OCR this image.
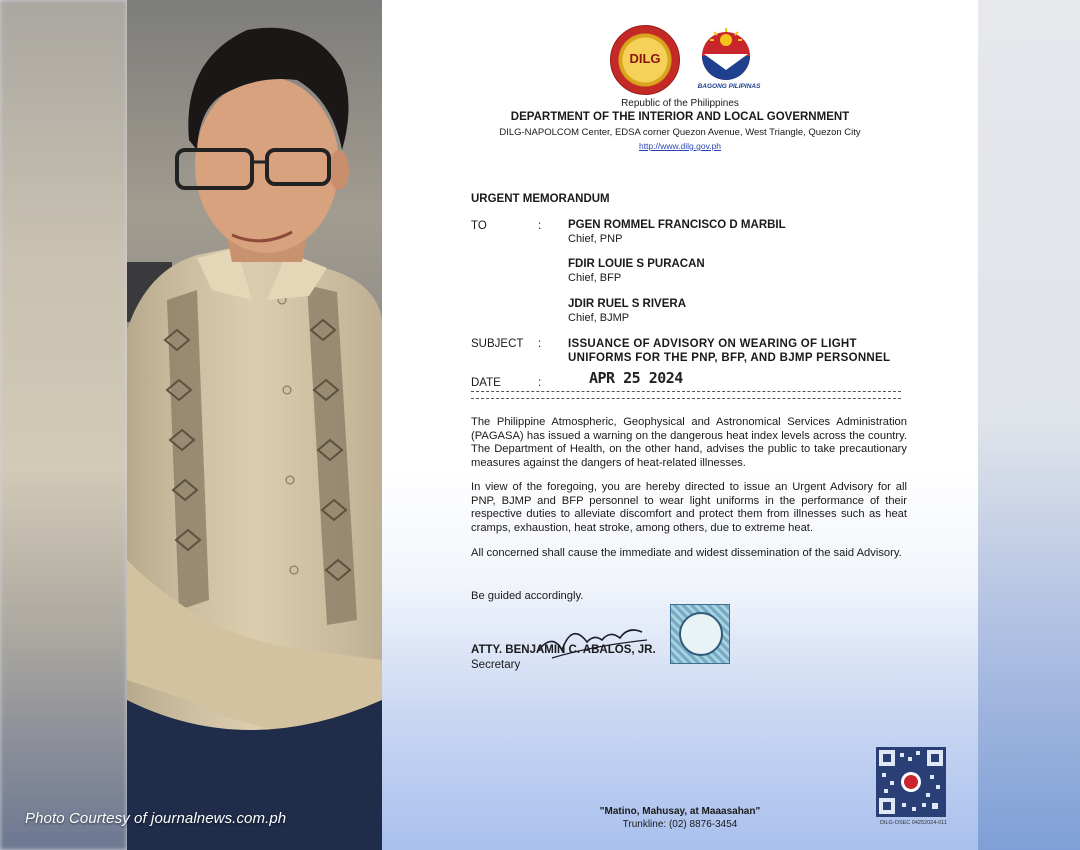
Photo Courtesy of journalnews.com.ph
DILG
BAGONG PILIPINAS
Republic of the Philippines
DEPARTMENT OF THE INTERIOR AND LOCAL GOVERNMENT
DILG-NAPOLCOM Center, EDSA corner Quezon Avenue, West Triangle, Quezon City
http://www.dilg.gov.ph
URGENT MEMORANDUM
TO	: PGEN ROMMEL FRANCISCO D MARBIL
Chief, PNP
FDIR LOUIE S PURACAN
Chief, BFP
JDIR RUEL S RIVERA
Chief, BJMP
SUBJECT : ISSUANCE OF ADVISORY ON WEARING OF LIGHT UNIFORMS FOR THE PNP, BFP, AND BJMP PERSONNEL
DATE	:	APR 25 2024
The Philippine Atmospheric, Geophysical and Astronomical Services Administration (PAGASA) has issued a warning on the dangerous heat index levels across the country. The Department of Health, on the other hand, advises the public to take precautionary measures against the dangers of heat-related illnesses.
In view of the foregoing, you are hereby directed to issue an Urgent Advisory for all PNP, BJMP and BFP personnel to wear light uniforms in the performance of their respective duties to alleviate discomfort and protect them from illnesses such as heat cramps, exhaustion, heat stroke, among others, due to extreme heat.
All concerned shall cause the immediate and widest dissemination of the said Advisory.
Be guided accordingly.
ATTY. BENJAMIN C. ABALOS, JR.
Secretary
DILG-OSEC 04252024-011
"Matino, Mahusay, at Maaasahan"
Trunkline: (02) 8876-3454
